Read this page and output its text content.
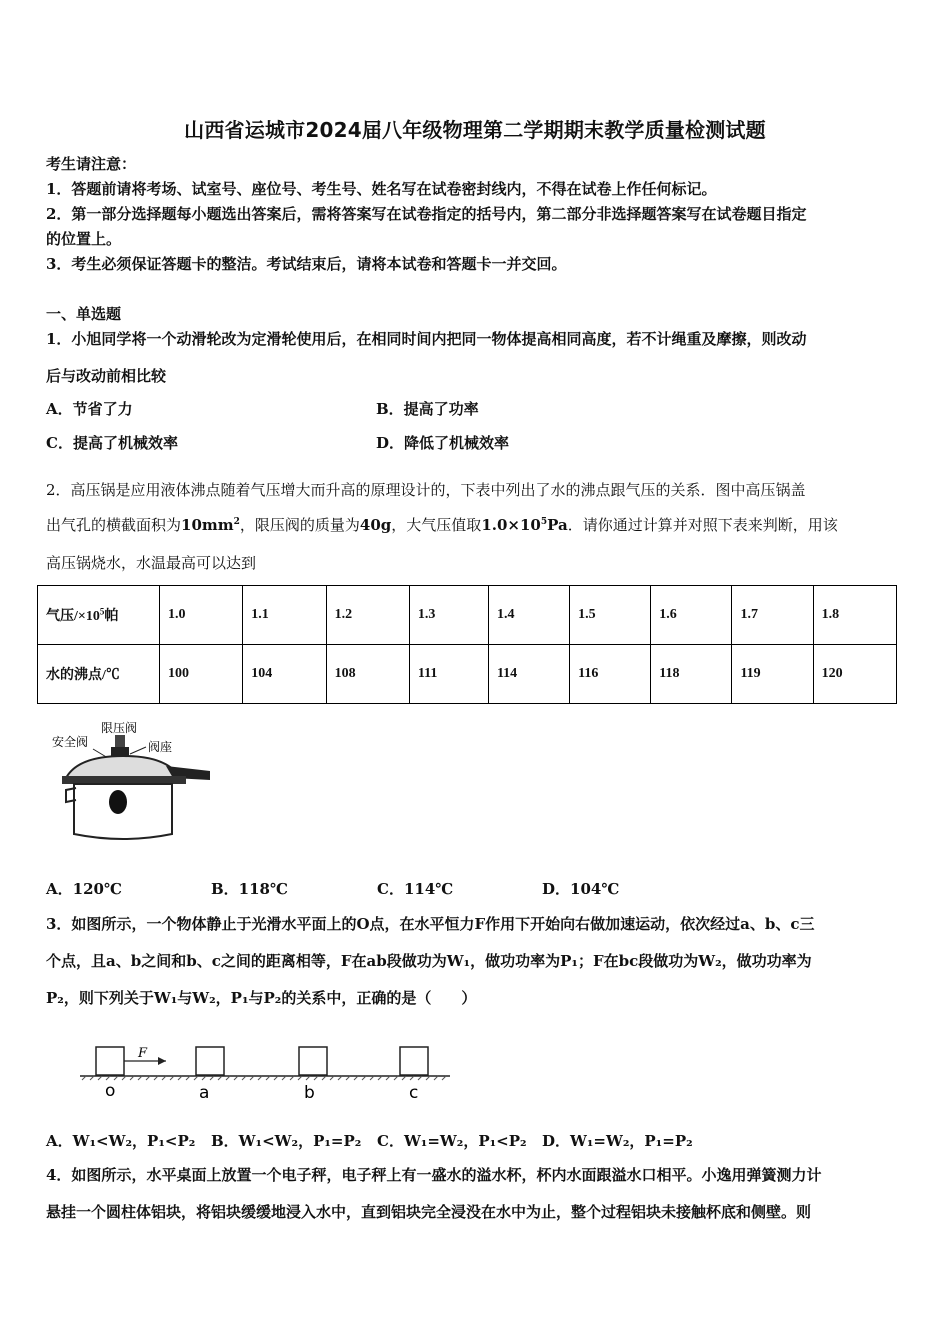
山西省运城市2024届八年级物理第二学期期末教学质量检测试题
考生请注意：
1．答题前请将考场、试室号、座位号、考生号、姓名写在试卷密封线内，不得在试卷上作任何标记。
2．第一部分选择题每小题选出答案后，需将答案写在试卷指定的括号内，第二部分非选择题答案写在试卷题目指定
的位置上。
3．考生必须保证答题卡的整洁。考试结束后，请将本试卷和答题卡一并交回。
一、单选题
1．小旭同学将一个动滑轮改为定滑轮使用后，在相同时间内把同一物体提高相同高度，若不计绳重及摩擦，则改动
后与改动前相比较
A．节省了力	B．提高了功率
C．提高了机械效率	D．降低了机械效率
2．高压锅是应用液体沸点随着气压增大而升高的原理设计的，下表中列出了水的沸点跟气压的关系．图中高压锅盖
出气孔的横截面积为$10mm^2$，限压阀的质量为40g，大气压值取$1.0\times 10^5Pa$．请你通过计算并对照下表来判断，用该
高压锅烧水，水温最高可以达到
气压$/\times 10^5$帕	1.0	1.1	1.2	1.3	1.4	1.5	1.6	1.7	1.8
水的沸点/℃	100	104	108	111	114	116	118	119	120
限压阀
安全阀	阀座
A．120℃	B．118℃	C．114℃	D．104℃
3．如图所示，一个物体静止于光滑水平面上的O点，在水平恒力F作用下开始向右做加速运动，依次经过a、b、c三
个点，且a、b之间和b、c之间的距离相等，F在ab段做功为W₁，做功功率为P₁；F在bc段做功为W₂，做功功率为
P₂，则下列关于W₁与W₂，P₁与P₂的关系中，正确的是（　　）
F
o	a	b	c
A．W₁<W₂，P₁<P₂ B．W₁<W₂，P₁=P₂ C．W₁=W₂，P₁<P₂ D．W₁=W₂，P₁=P₂
4．如图所示，水平桌面上放置一个电子秤，电子秤上有一盛水的溢水杯，杯内水面跟溢水口相平。小逸用弹簧测力计
悬挂一个圆柱体铝块，将铝块缓缓地浸入水中，直到铝块完全浸没在水中为止，整个过程铝块未接触杯底和侧壁。则
